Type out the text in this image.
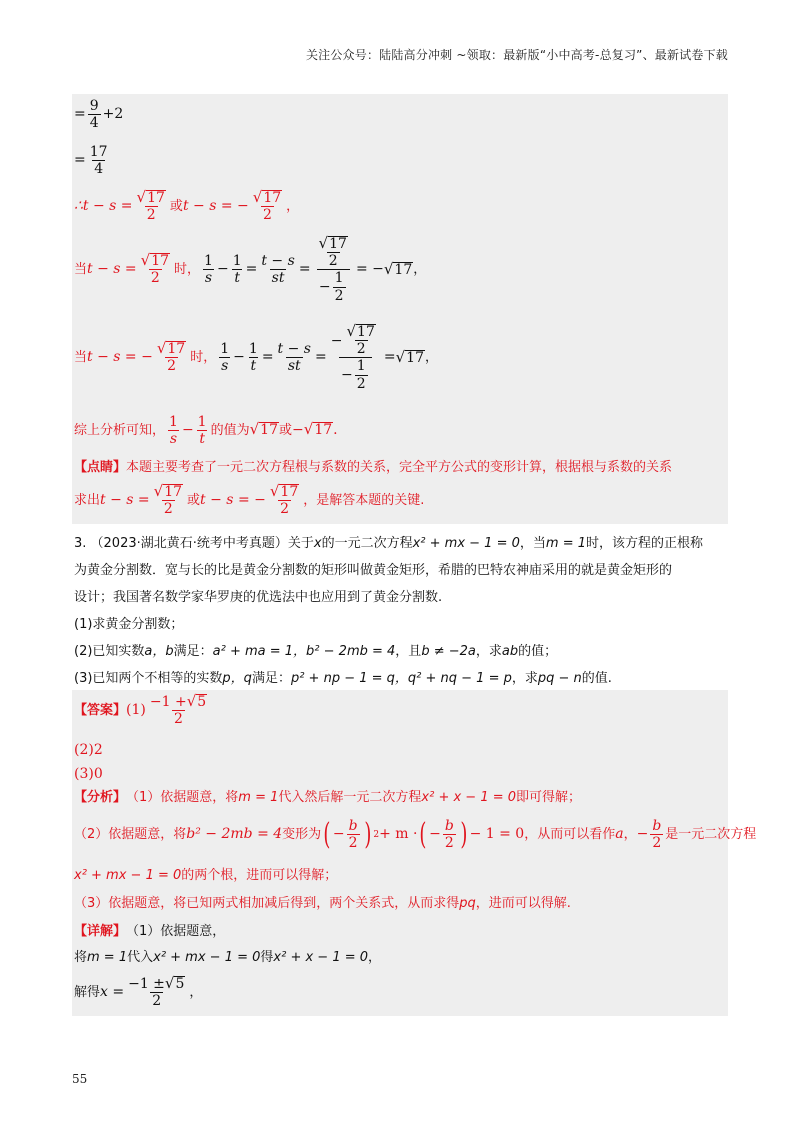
关注公众号：陆陆高分冲刺 ~领取：最新版“小中高考-总复习”、最新试卷下载
= $\frac{9}{4} +2$
= $\frac{17}{4}$
∴t − $s = \frac{√ 17}{2}$ 或 t − s = − $\frac{√ 17}{2}$ ，
当 $t - s = \frac{√ 17}{2}$ 时， $\frac{1}{s} - \frac{1}{t} = \frac{t - s}{st} = \frac{\frac{√ 17}{2}}{- \frac{1}{2}}$ = − √ 17 ，
当 t − s = − $\frac{√ 17}{2}$ 时， $\frac{1}{s} - \frac{1}{t} = \frac{t - s}{st} = \frac{- \frac{√ 17}{2}}{- \frac{1}{2}}$ = √ 17 ，
综上分析可知， $\frac{1}{s} - \frac{1}{t}$ 的值为 √ 17 或 − √ 17 .
【点睛】 本题主要考查了一元二次方程根与系数的关系，完全平方公式的变形计算，根据根与系数的关系
求出 $t - s = \frac{√ 17}{2}$ 或 t − s = − $\frac{√ 17}{2}$ ，是解答本题的关键.
3. （2023·湖北黄石·统考中考真题）关于x的一元二次方程x² + mx − 1 = 0，当m = 1时，该方程的正根称
为黄金分割数．宽与长的比是黄金分割数的矩形叫做黄金矩形，希腊的巴特农神庙采用的就是黄金矩形的
设计；我国著名数学家华罗庚的优选法中也应用到了黄金分割数.
(1)求黄金分割数；
(2)已知实数a，b满足：a² + ma = 1，b² − 2mb = 4，且b ≠ −2a，求ab的值；
(3)已知两个不相等的实数p，q满足：p² + np − 1 = q，q² + nq − 1 = p，求pq − n的值.
【答案】 $(1) \frac{-1 + √ 5}{2}$
(2)2
(3)0
【分析】 （1）依据题意，将 m = 1 代入然后解一元二次方程 x² + x − 1 = 0 即可得解；
（2）依据题意，将 b² − 2mb = 4 变形为 ( − $\frac{b}{2}$ ) 2 + m · ( − $\frac{b}{2}$ ) − 1 = 0 ，从而可以看作 a ， − $\frac{b}{2}$ 是一元二次方程
x² + mx − 1 = 0 的两个根，进而可以得解；
（3）依据题意，将已知两式相加减后得到，两个关系式，从而求得 pq ，进而可以得解.
【详解】 （1）依据题意，
将 m = 1 代入 x² + mx − 1 = 0 得 x² + x − 1 = 0 ，
解得 $x = \frac{-1 \pm √ 5}{2}$ ，
55
